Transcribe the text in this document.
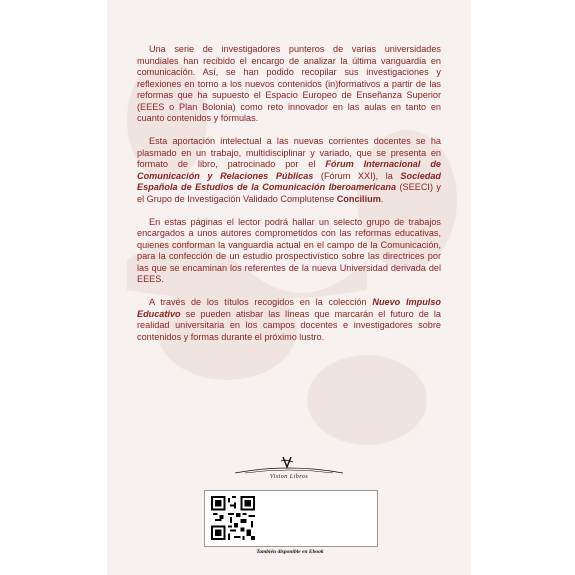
Una serie de investigadores punteros de varias universidades mundiales han recibido el encargo de analizar la última vanguardia en comunicación. Así, se han podido recopilar sus investigaciones y reflexiones en torno a los nuevos contenidos (in)formativos a partir de las reformas que ha supuesto el Espacio Europeo de Enseñanza Superior (EEES o Plan Bolonia) como reto innovador en las aulas en tanto en cuanto contenidos y fórmulas.

Esta aportación intelectual a las nuevas corrientes docentes se ha plasmado en un trabajo, multidisciplinar y variado, que se presenta en formato de libro, patrocinado por el Fórum Internacional de Comunicación y Relaciones Públicas (Fórum XXI), la Sociedad Española de Estudios de la Comunicación Iberoamericana (SEECI) y el Grupo de Investigación Validado Complutense Concilium.

En estas páginas el lector podrá hallar un selecto grupo de trabajos encargados a unos autores comprometidos con las reformas educativas, quienes conforman la vanguardia actual en el campo de la Comunicación, para la confección de un estudio prospectivístico sobre las directrices por las que se encaminan los referentes de la nueva Universidad derivada del EEES.

A través de los títulos recogidos en la colección Nuevo Impulso Educativo se pueden atisbar las líneas que marcarán el futuro de la realidad universitaria en los campos docentes e investigadores sobre contenidos y formas durante el próximo lustro.

Vision Libros
También disponible en Ebook
